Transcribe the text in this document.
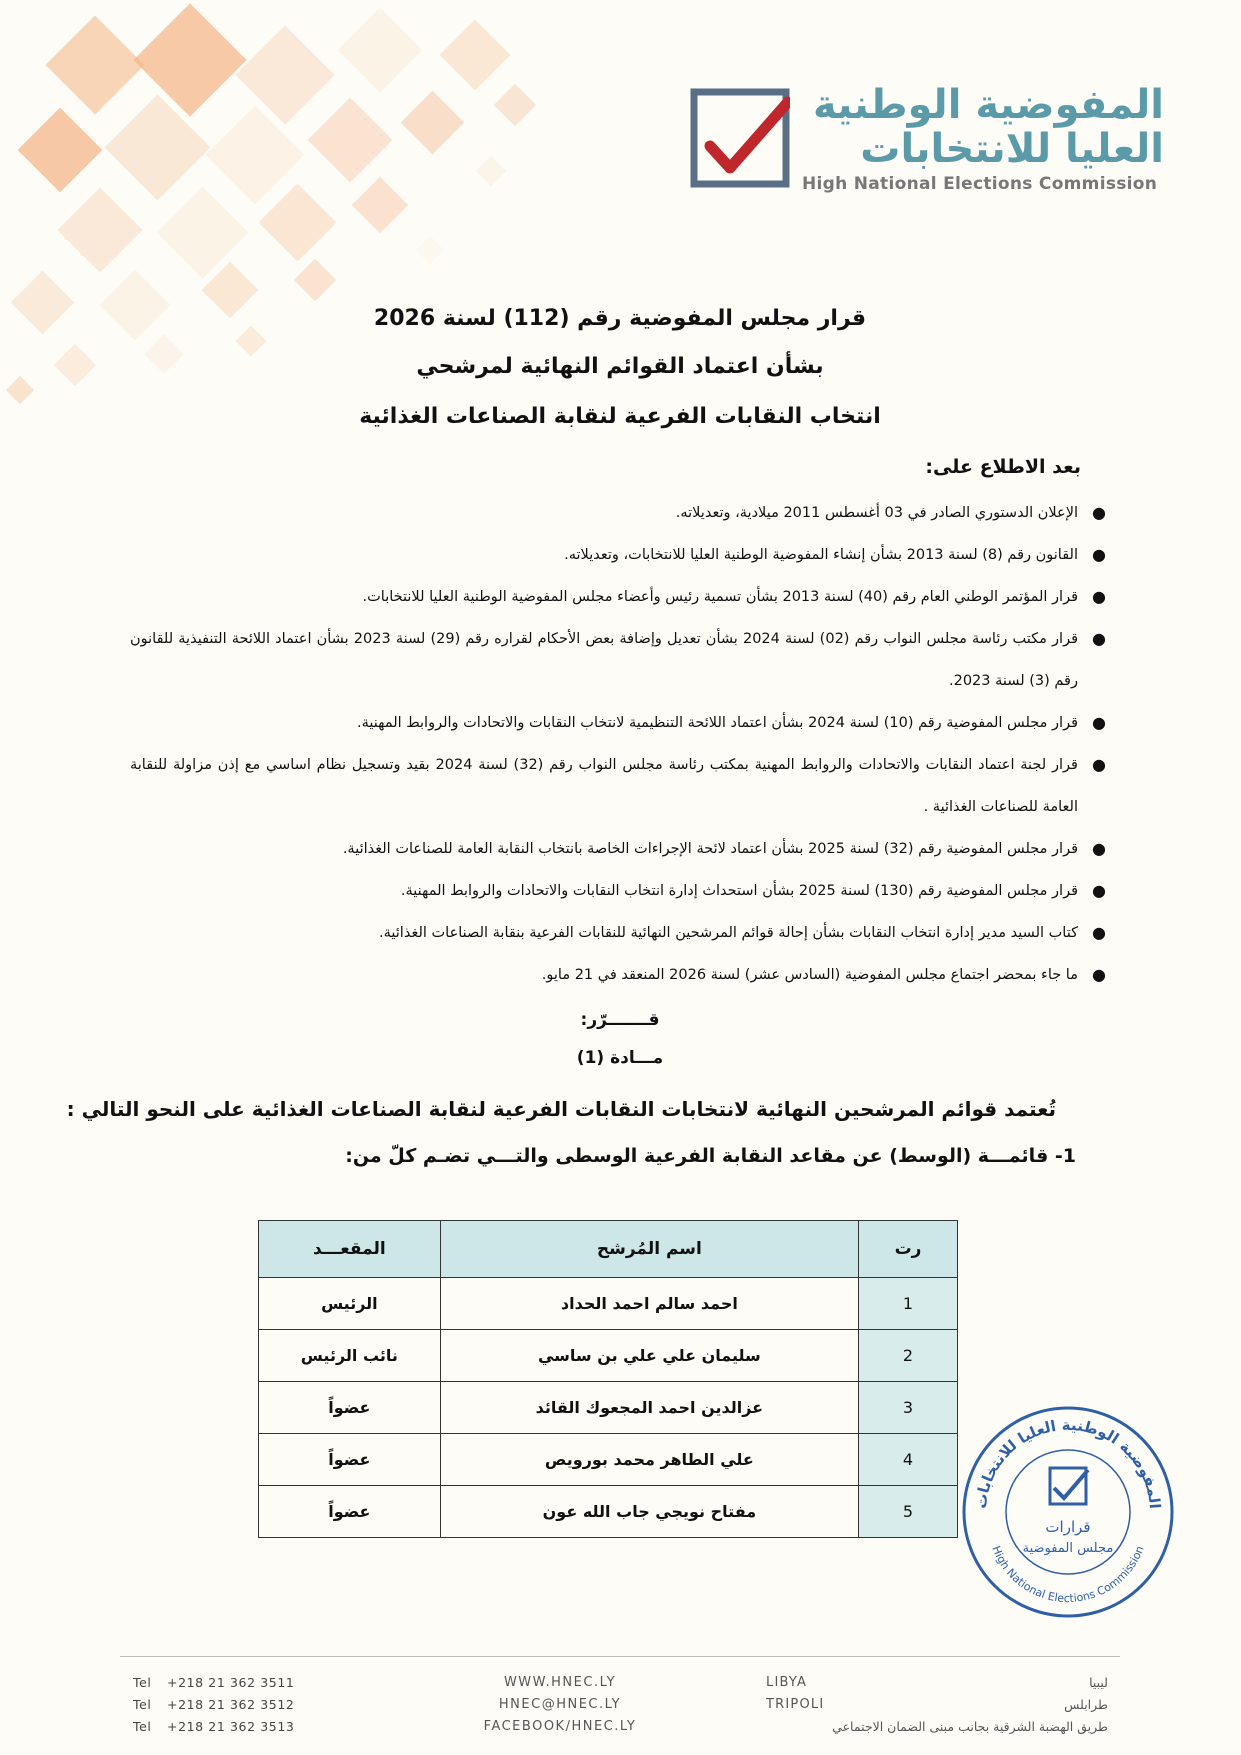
المفوضية الوطنية
العليا للانتخابات
High National Elections Commission
قرار مجلس المفوضية رقم (112) لسنة 2026
بشأن اعتماد القوائم النهائية لمرشحي
انتخاب النقابات الفرعية لنقابة الصناعات الغذائية
بعد الاطلاع على:
●
الإعلان الدستوري الصادر في 03 أغسطس 2011 ميلادية، وتعديلاته.
●
القانون رقم (8) لسنة 2013 بشأن إنشاء المفوضية الوطنية العليا للانتخابات، وتعديلاته.
●
قرار المؤتمر الوطني العام رقم (40) لسنة 2013 بشأن تسمية رئيس وأعضاء مجلس المفوضية الوطنية العليا للانتخابات.
●
قرار مكتب رئاسة مجلس النواب رقم (02) لسنة 2024 بشأن تعديل وإضافة بعض الأحكام لقراره رقم (29) لسنة 2023 بشأن اعتماد اللائحة التنفيذية للقانون رقم (3) لسنة 2023.
●
قرار مجلس المفوضية رقم (10) لسنة 2024 بشأن اعتماد اللائحة التنظيمية لانتخاب النقابات والاتحادات والروابط المهنية.
●
قرار لجنة اعتماد النقابات والاتحادات والروابط المهنية بمكتب رئاسة مجلس النواب رقم (32) لسنة 2024 بقيد وتسجيل نظام اساسي مع إذن مزاولة للنقابة العامة للصناعات الغذائية .
●
قرار مجلس المفوضية رقم (32) لسنة 2025 بشأن اعتماد لائحة الإجراءات الخاصة بانتخاب النقابة العامة للصناعات الغذائية.
●
قرار مجلس المفوضية رقم (130) لسنة 2025 بشأن استحداث إدارة انتخاب النقابات والاتحادات والروابط المهنية.
●
كتاب السيد مدير إدارة انتخاب النقابات بشأن إحالة قوائم المرشحين النهائية للنقابات الفرعية بنقابة الصناعات الغذائية.
●
ما جاء بمحضر اجتماع مجلس المفوضية (السادس عشر) لسنة 2026 المنعقد في 21 مايو.
قـــــــرّر:
مـــادة (1)
تُعتمد قوائم المرشحين النهائية لانتخابات النقابات الفرعية لنقابة الصناعات الغذائية على النحو التالي :
1- قائمـــة (الوسط) عن مقاعد النقابة الفرعية الوسطى والتـــي تضـم كلّ من:
رت	اسم المُرشح	المقعـــد
1	احمد سالم احمد الحداد	الرئيس
2	سليمان علي علي بن ساسي	نائب الرئيس
3	عزالدين احمد المجعوك القائد	عضواً
4	علي الطاهر محمد بورويص	عضواً
5	مفتاح نويجي جاب الله عون	عضواً
المفوضية الوطنية العليا للانتخابات
High National Elections Commission
قرارات
مجلس المفوضية
Tel +218 21 362 3511
Tel +218 21 362 3512
Tel +218 21 362 3513
WWW.HNEC.LY
HNEC@HNEC.LY
FACEBOOK/HNEC.LY
LIBYA
TRIPOLI
ليبيا
طرابلس
طريق الهضبة الشرقية بجانب مبنى الضمان الاجتماعي
